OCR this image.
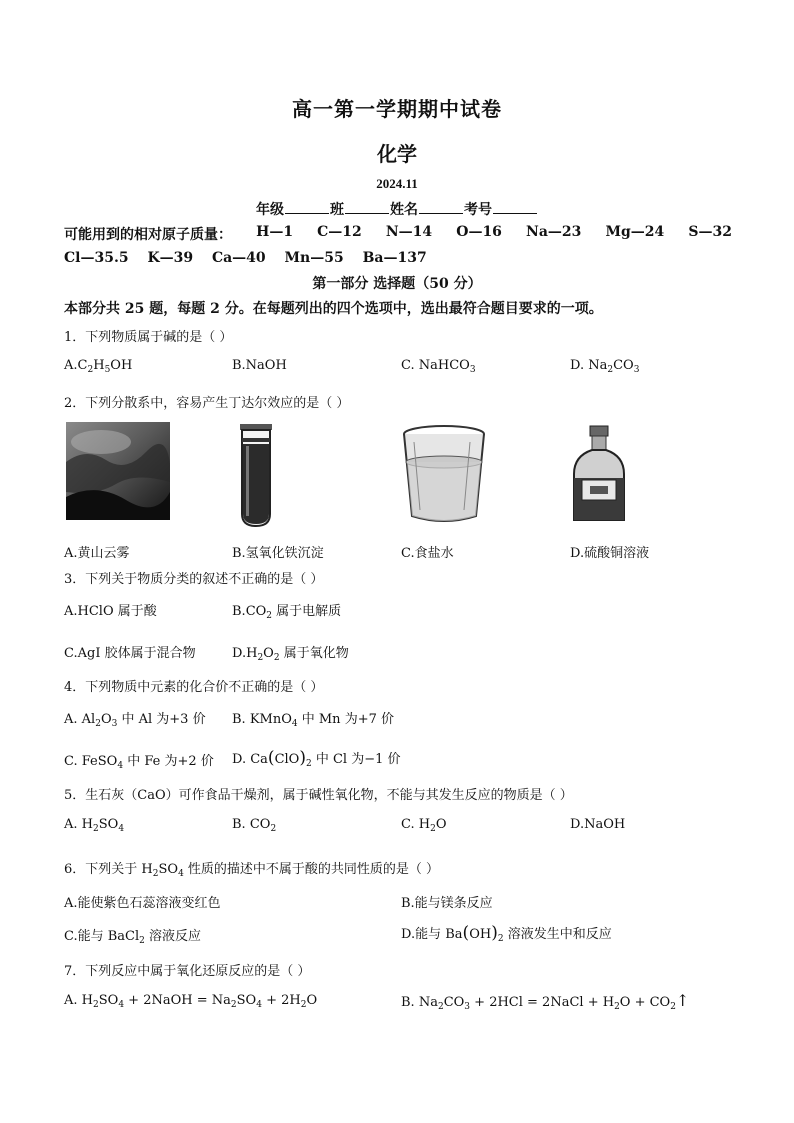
高一第一学期期中试卷
化学
2024.11
年级	班	姓名	考号
可能用到的相对原子质量： H—1 C—12 N—14 O—16 Na—23 Mg—24 S—32
Cl—35.5 K—39 Ca—40 Mn—55 Ba—137
第一部分 选择题（50 分）
本部分共 25 题，每题 2 分。在每题列出的四个选项中，选出最符合题目要求的一项。
1．下列物质属于碱的是（ ）
$A.C_2H_5OH$	B.NaOH	C. NaHCO$_3$	D. $Na_2CO_3$
2．下列分散系中，容易产生丁达尔效应的是（ ）
A.黄山云雾	B.氢氧化铁沉淀	C.食盐水	D.硫酸铜溶液
3．下列关于物质分类的叙述不正确的是（ ）
A.HClO 属于酸	$B.CO_2$ 属于电解质
C.AgI 胶体属于混合物	$D.H_2O_2$ 属于氧化物
4．下列物质中元素的化合价不正确的是（ ）
A. $Al_2O_3$ 中 Al 为+3 价 B. KMnO$_4$ 中 Mn 为+7 价
C. FeSO$_4$ 中 Fe 为+2 价 D. $Ca(ClO)_2$ 中 Cl 为−1 价
5．生石灰（CaO）可作食品干燥剂，属于碱性氧化物，不能与其发生反应的物质是（ ）
A. $H_2SO_4$	B. $CO_2$	C. $H_2O$	D.NaOH
6．下列关于 $H_2SO_4$ 性质的描述中不属于酸的共同性质的是（ ）
A.能使紫色石蕊溶液变红色	B.能与镁条反应
C.能与 BaCl$_2$ 溶液反应	D.能与 $Ba(OH)_2$ 溶液发生中和反应
7．下列反应中属于氧化还原反应的是（ ）
A. $H_2SO_4$ + 2NaOH = $Na_2SO_4 + 2H_2O$	B. $Na_2CO_3 + 2HCl$ = 2NaCl + $H_2O$ + $CO_2↑$
